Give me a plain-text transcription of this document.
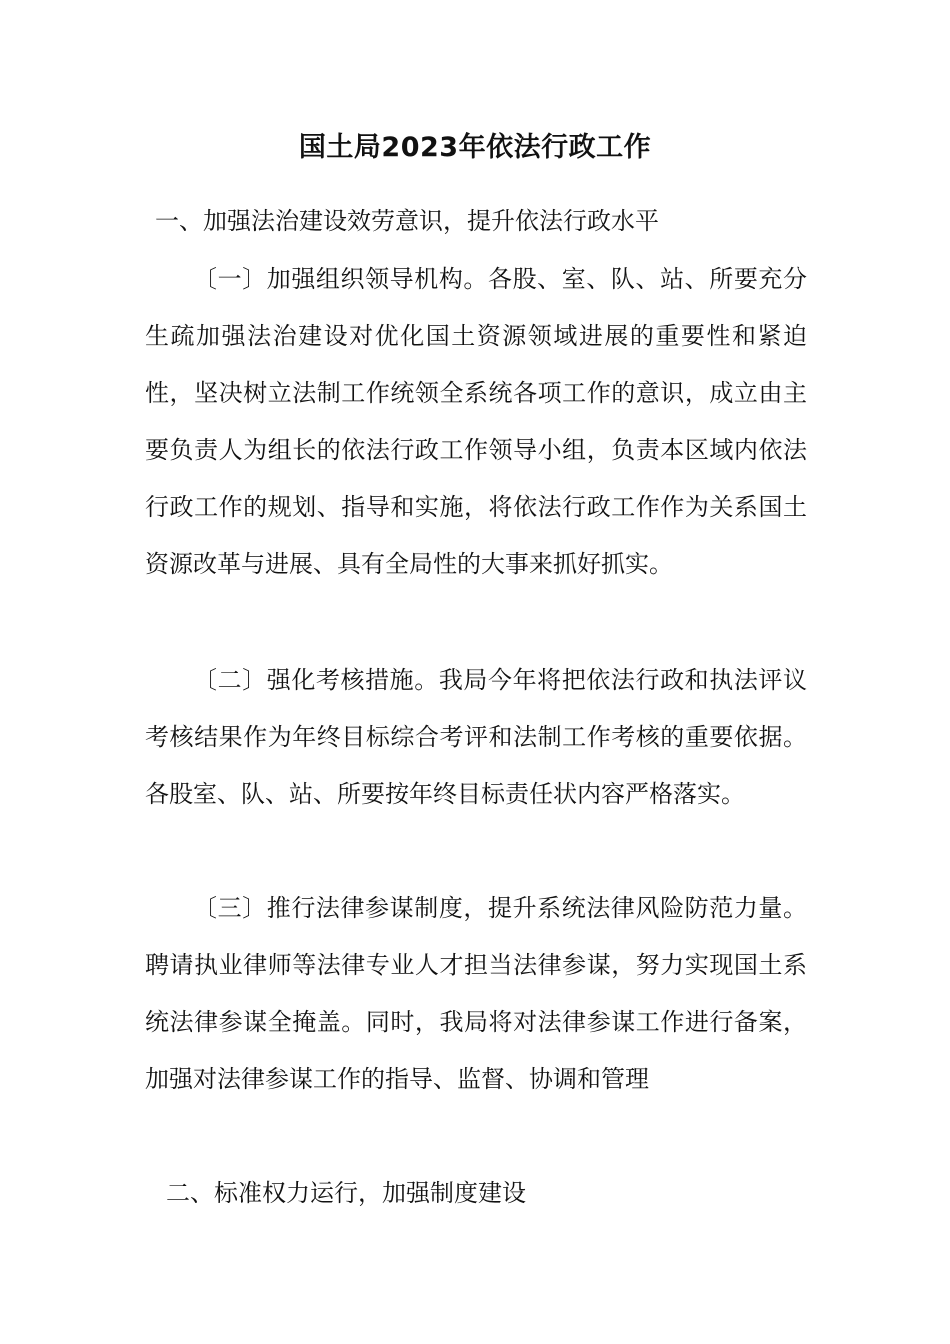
国土局2023年依法行政工作
一、加强法治建设效劳意识，提升依法行政水平
〔一〕加强组织领导机构。各股、室、队、站、所要充分生疏加强法治建设对优化国土资源领域进展的重要性和紧迫性，坚决树立法制工作统领全系统各项工作的意识，成立由主要负责人为组长的依法行政工作领导小组，负责本区域内依法行政工作的规划、指导和实施，将依法行政工作作为关系国土资源改革与进展、具有全局性的大事来抓好抓实。
〔二〕强化考核措施。我局今年将把依法行政和执法评议考核结果作为年终目标综合考评和法制工作考核的重要依据。各股室、队、站、所要按年终目标责任状内容严格落实。
〔三〕推行法律参谋制度，提升系统法律风险防范力量。聘请执业律师等法律专业人才担当法律参谋，努力实现国土系统法律参谋全掩盖。同时，我局将对法律参谋工作进行备案，加强对法律参谋工作的指导、监督、协调和管理
二、标准权力运行，加强制度建设
